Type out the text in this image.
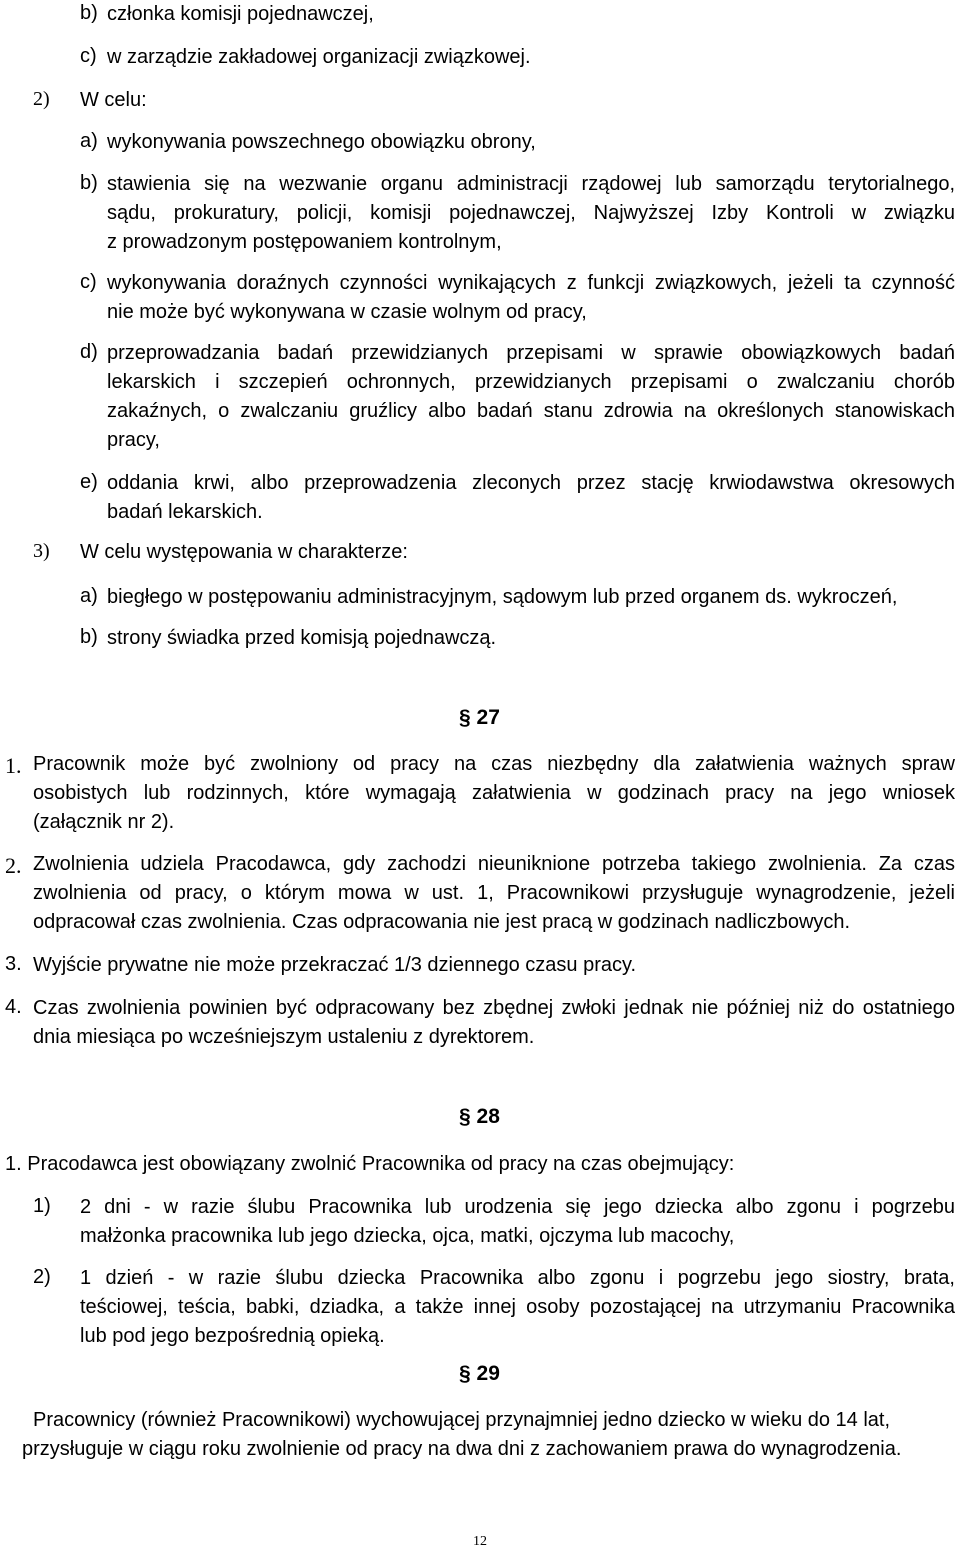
b) członka komisji pojednawczej,
c) w zarządzie zakładowej organizacji związkowej.
2) W celu:
a) wykonywania powszechnego obowiązku obrony,
b) stawienia się na wezwanie organu administracji rządowej lub samorządu terytorialnego,
sądu, prokuratury, policji, komisji pojednawczej, Najwyższej Izby Kontroli w związku
z prowadzonym postępowaniem kontrolnym,
c) wykonywania doraźnych czynności wynikających z funkcji związkowych, jeżeli ta czynność
nie może być wykonywana w czasie wolnym od pracy,
d) przeprowadzania badań przewidzianych przepisami w sprawie obowiązkowych badań
lekarskich i szczepień ochronnych, przewidzianych przepisami o zwalczaniu chorób
zakaźnych, o zwalczaniu gruźlicy albo badań stanu zdrowia na określonych stanowiskach
pracy,
e) oddania krwi, albo przeprowadzenia zleconych przez stację krwiodawstwa okresowych
badań lekarskich.
3) W celu występowania w charakterze:
a) biegłego w postępowaniu administracyjnym, sądowym lub przed organem ds. wykroczeń,
b) strony świadka przed komisją pojednawczą.
§ 27
1. Pracownik może być zwolniony od pracy na czas niezbędny dla załatwienia ważnych spraw
osobistych lub rodzinnych, które wymagają załatwienia w godzinach pracy na jego wniosek
(załącznik nr 2).
2. Zwolnienia udziela Pracodawca, gdy zachodzi nieuniknione potrzeba takiego zwolnienia. Za czas
zwolnienia od pracy, o którym mowa w ust. 1, Pracownikowi przysługuje wynagrodzenie, jeżeli
odpracował czas zwolnienia. Czas odpracowania nie jest pracą w godzinach nadliczbowych.
3. Wyjście prywatne nie może przekraczać 1/3 dziennego czasu pracy.
4. Czas zwolnienia powinien być odpracowany bez zbędnej zwłoki jednak nie później niż do ostatniego
dnia miesiąca po wcześniejszym ustaleniu z dyrektorem.
§ 28
1. Pracodawca jest obowiązany zwolnić Pracownika od pracy na czas obejmujący:
1) 2 dni - w razie ślubu Pracownika lub urodzenia się jego dziecka albo zgonu i pogrzebu
małżonka pracownika lub jego dziecka, ojca, matki, ojczyma lub macochy,
2) 1 dzień - w razie ślubu dziecka Pracownika albo zgonu i pogrzebu jego siostry, brata,
teściowej, teścia, babki, dziadka, a także innej osoby pozostającej na utrzymaniu Pracownika
lub pod jego bezpośrednią opieką.
§ 29
Pracownicy (również Pracownikowi) wychowującej przynajmniej jedno dziecko w wieku do 14 lat,
przysługuje w ciągu roku zwolnienie od pracy na dwa dni z zachowaniem prawa do wynagrodzenia.
12
